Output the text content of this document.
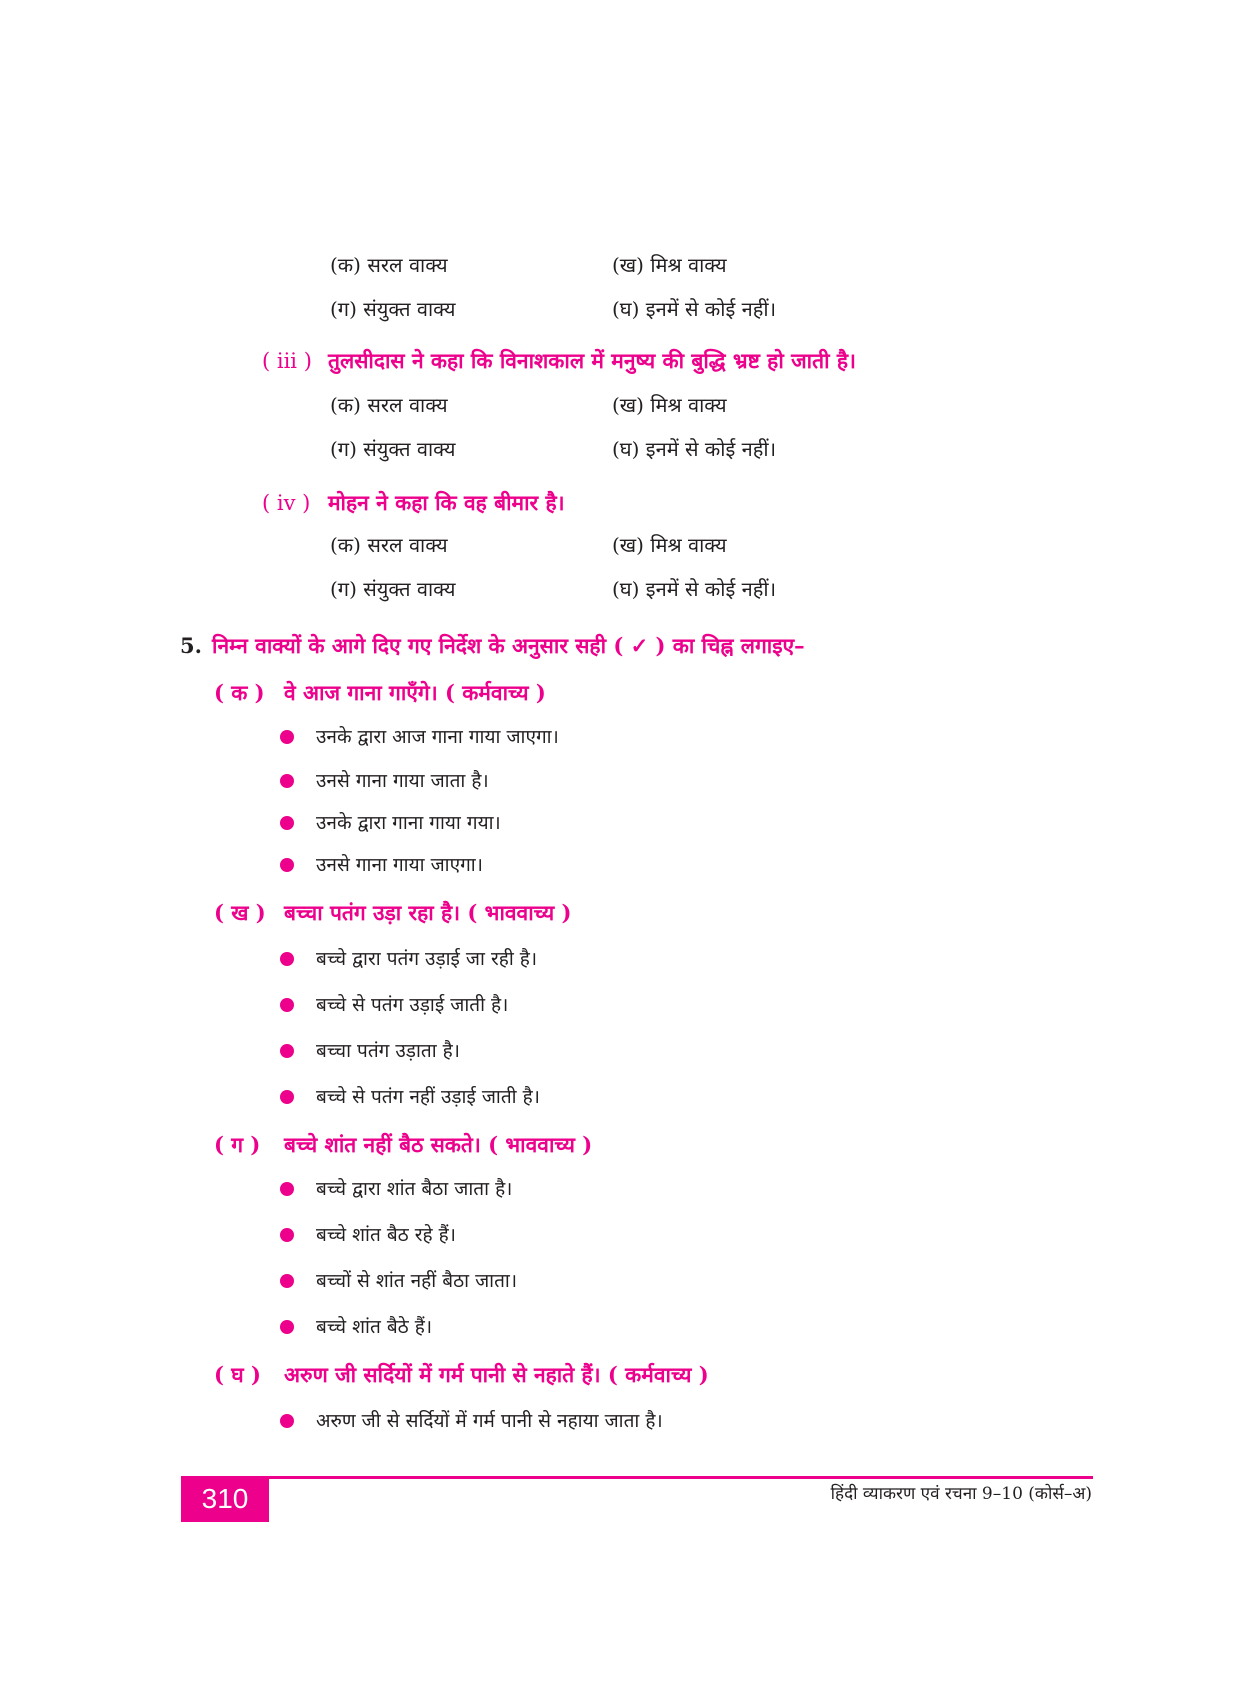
(क) सरल वाक्य	(ख) मिश्र वाक्य
(ग) संयुक्त वाक्य	(घ) इनमें से कोई नहीं।
( iii ) तुलसीदास ने कहा कि विनाशकाल में मनुष्य की बुद्धि भ्रष्ट हो जाती है।
(क) सरल वाक्य	(ख) मिश्र वाक्य
(ग) संयुक्त वाक्य	(घ) इनमें से कोई नहीं।
( iv ) मोहन ने कहा कि वह बीमार है।
(क) सरल वाक्य	(ख) मिश्र वाक्य
(ग) संयुक्त वाक्य	(घ) इनमें से कोई नहीं।
5. निम्न वाक्यों के आगे दिए गए निर्देश के अनुसार सही ( ✓ ) का चिह्न लगाइए–
( क ) वे आज गाना गाएँगे। ( कर्मवाच्य )
उनके द्वारा आज गाना गाया जाएगा।
उनसे गाना गाया जाता है।
उनके द्वारा गाना गाया गया।
उनसे गाना गाया जाएगा।
( ख ) बच्चा पतंग उड़ा रहा है। ( भाववाच्य )
बच्चे द्वारा पतंग उड़ाई जा रही है।
बच्चे से पतंग उड़ाई जाती है।
बच्चा पतंग उड़ाता है।
बच्चे से पतंग नहीं उड़ाई जाती है।
( ग ) बच्चे शांत नहीं बैठ सकते। ( भाववाच्य )
बच्चे द्वारा शांत बैठा जाता है।
बच्चे शांत बैठ रहे हैं।
बच्चों से शांत नहीं बैठा जाता।
बच्चे शांत बैठे हैं।
( घ ) अरुण जी सर्दियों में गर्म पानी से नहाते हैं। ( कर्मवाच्य )
अरुण जी से सर्दियों में गर्म पानी से नहाया जाता है।
310	हिंदी व्याकरण एवं रचना 9–10 (कोर्स–अ)
